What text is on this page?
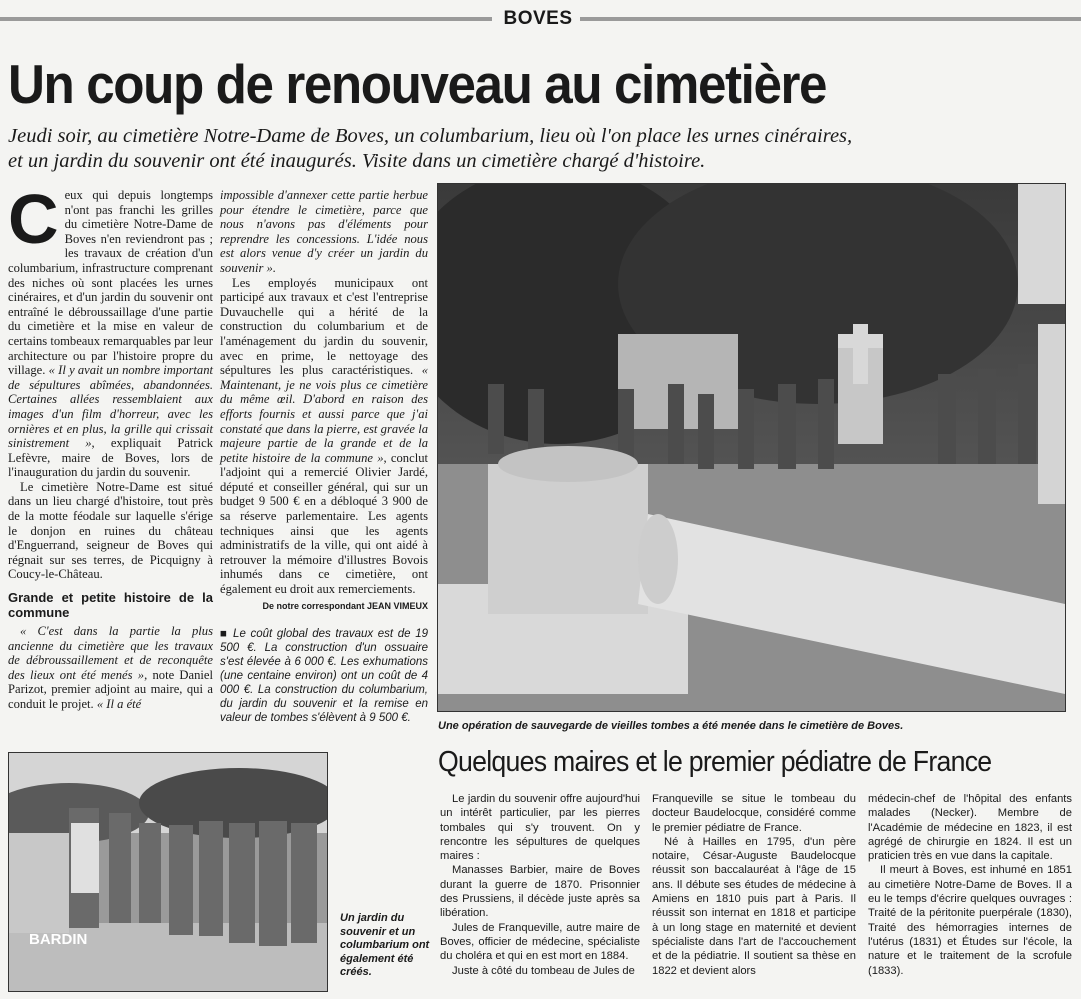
BOVES
Un coup de renouveau au cimetière

Jeudi soir, au cimetière Notre-Dame de Boves, un columbarium, lieu où l'on place les urnes cinéraires,

et un jardin du souvenir ont été inaugurés. Visite dans un cimetière chargé d'histoire.

Ceux qui depuis longtemps n'ont pas franchi les grilles du cimetière Notre-Dame de Boves n'en reviendront pas ; les travaux de création d'un columbarium, infrastructure comprenant des niches où sont placées les urnes cinéraires, et d'un jardin du souvenir ont entraîné le débroussaillage d'une partie du cimetière et la mise en valeur de certains tombeaux remarquables par leur architecture ou par l'histoire propre du village. « Il y avait un nombre important de sépultures abîmées, abandonnées. Certaines allées ressemblaient aux images d'un film d'horreur, avec les ornières et en plus, la grille qui crissait sinistrement », expliquait Patrick Lefèvre, maire de Boves, lors de l'inauguration du jardin du souvenir.

Le cimetière Notre-Dame est situé dans un lieu chargé d'histoire, tout près de la motte féodale sur laquelle s'érige le donjon en ruines du château d'Enguerrand, seigneur de Boves qui régnait sur ses terres, de Picquigny à Coucy-le-Château.

Grande et petite histoire de la commune

« C'est dans la partie la plus ancienne du cimetière que les travaux de débroussaillement et de reconquête des lieux ont été menés », note Daniel Parizot, premier adjoint au maire, qui a conduit le projet. « Il a été

impossible d'annexer cette partie herbue pour étendre le cimetière, parce que nous n'avons pas d'éléments pour reprendre les concessions. L'idée nous est alors venue d'y créer un jardin du souvenir ».

Les employés municipaux ont participé aux travaux et c'est l'entreprise Duvauchelle qui a hérité de la construction du columbarium et de l'aménagement du jardin du souvenir, avec en prime, le nettoyage des sépultures les plus caractéristiques. « Maintenant, je ne vois plus ce cimetière du même œil. D'abord en raison des efforts fournis et aussi parce que j'ai constaté que dans la pierre, est gravée la majeure partie de la grande et de la petite histoire de la commune », conclut l'adjoint qui a remercié Olivier Jardé, député et conseiller général, qui sur un budget 9 500 € en a débloqué 3 900 de sa réserve parlementaire. Les agents techniques ainsi que les agents administratifs de la ville, qui ont aidé à retrouver la mémoire d'illustres Bovois inhumés dans ce cimetière, ont également eu droit aux remerciements.

De notre correspondant JEAN VIMEUX

■ Le coût global des travaux est de 19 500 €. La construction d'un ossuaire s'est élevée à 6 000 €. Les exhumations (une centaine environ) ont un coût de 4 000 €. La construction du columbarium, du jardin du souvenir et la remise en valeur de tombes s'élèvent à 9 500 €.

Une opération de sauvegarde de vieilles tombes a été menée dans le cimetière de Boves.
BARDIN
Un jardin du souvenir et un columbarium ont également été créés.
Quelques maires et le premier pédiatre de France

Le jardin du souvenir offre aujourd'hui un intérêt particulier, par les pierres tombales qui s'y trouvent. On y rencontre les sépultures de quelques maires :

Manasses Barbier, maire de Boves durant la guerre de 1870. Prisonnier des Prussiens, il décède juste après sa libération.

Jules de Franqueville, autre maire de Boves, officier de médecine, spécialiste du choléra et qui en est mort en 1884.

Juste à côté du tombeau de Jules de

Franqueville se situe le tombeau du docteur Baudelocque, considéré comme le premier pédiatre de France.

Né à Hailles en 1795, d'un père notaire, César-Auguste Baudelocque réussit son baccalauréat à l'âge de 15 ans. Il débute ses études de médecine à Amiens en 1810 puis part à Paris. Il réussit son internat en 1818 et participe à un long stage en maternité et devient spécialiste dans l'art de l'accouchement et de la pédiatrie. Il soutient sa thèse en 1822 et devient alors

médecin-chef de l'hôpital des enfants malades (Necker). Membre de l'Académie de médecine en 1823, il est agrégé de chirurgie en 1824. Il est un praticien très en vue dans la capitale.

Il meurt à Boves, est inhumé en 1851 au cimetière Notre-Dame de Boves. Il a eu le temps d'écrire quelques ouvrages : Traité de la péritonite puerpérale (1830), Traité des hémorragies internes de l'utérus (1831) et Études sur l'école, la nature et le traitement de la scrofule (1833).
